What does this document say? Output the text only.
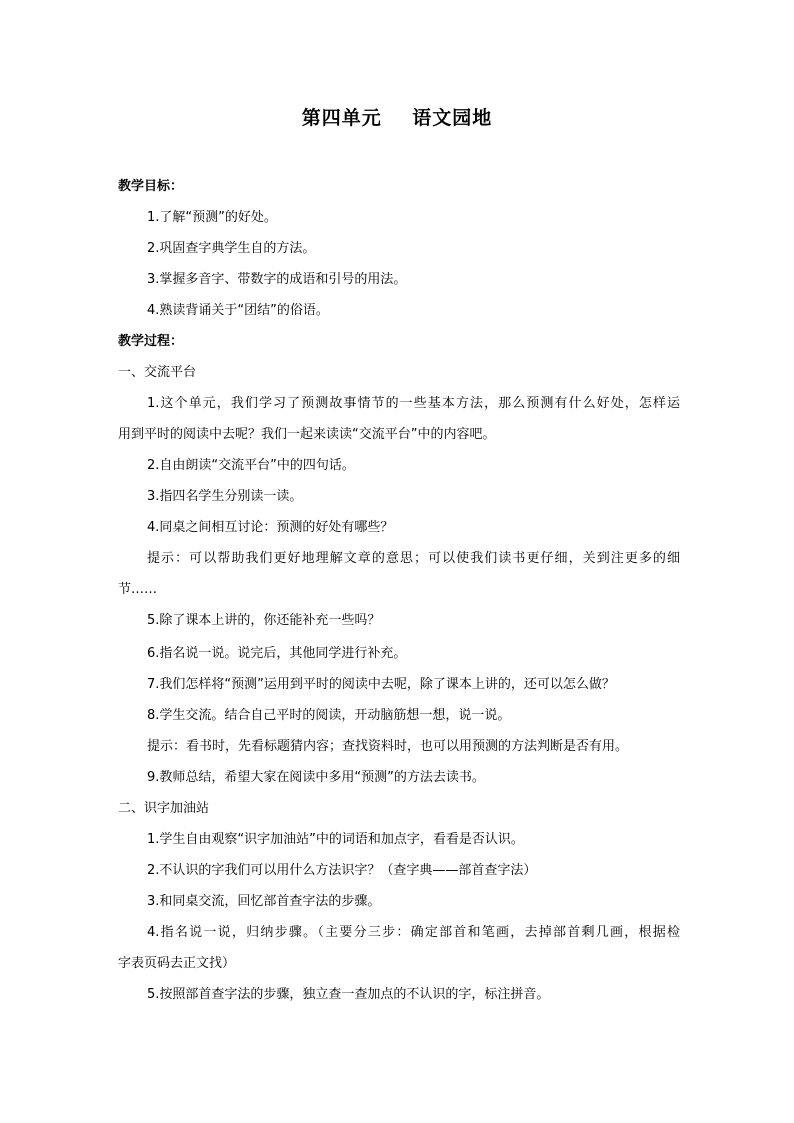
第四单元    语文园地
教学目标：
1.了解“预测”的好处。
2.巩固查字典学生自的方法。
3.掌握多音字、带数字的成语和引号的用法。
4.熟读背诵关于“团结”的俗语。
教学过程：
一、交流平台
1.这个单元，我们学习了预测故事情节的一些基本方法，那么预测有什么好处，怎样运
用到平时的阅读中去呢？我们一起来读读“交流平台”中的内容吧。
2.自由朗读“交流平台”中的四句话。
3.指四名学生分别读一读。
4.同桌之间相互讨论：预测的好处有哪些？
提示：可以帮助我们更好地理解文章的意思；可以使我们读书更仔细，关到注更多的细
节……
5.除了课本上讲的，你还能补充一些吗？
6.指名说一说。说完后，其他同学进行补充。
7.我们怎样将“预测”运用到平时的阅读中去呢，除了课本上讲的，还可以怎么做？
8.学生交流。结合自己平时的阅读，开动脑筋想一想，说一说。
提示：看书时，先看标题猜内容；查找资料时，也可以用预测的方法判断是否有用。
9.教师总结，希望大家在阅读中多用“预测”的方法去读书。
二、识字加油站
1.学生自由观察“识字加油站”中的词语和加点字，看看是否认识。
2.不认识的字我们可以用什么方法识字？（查字典——部首查字法）
3.和同桌交流，回忆部首查字法的步骤。
4.指名说一说，归纳步骤。（主要分三步：确定部首和笔画，去掉部首剩几画，根据检
字表页码去正文找）
5.按照部首查字法的步骤，独立查一查加点的不认识的字，标注拼音。
